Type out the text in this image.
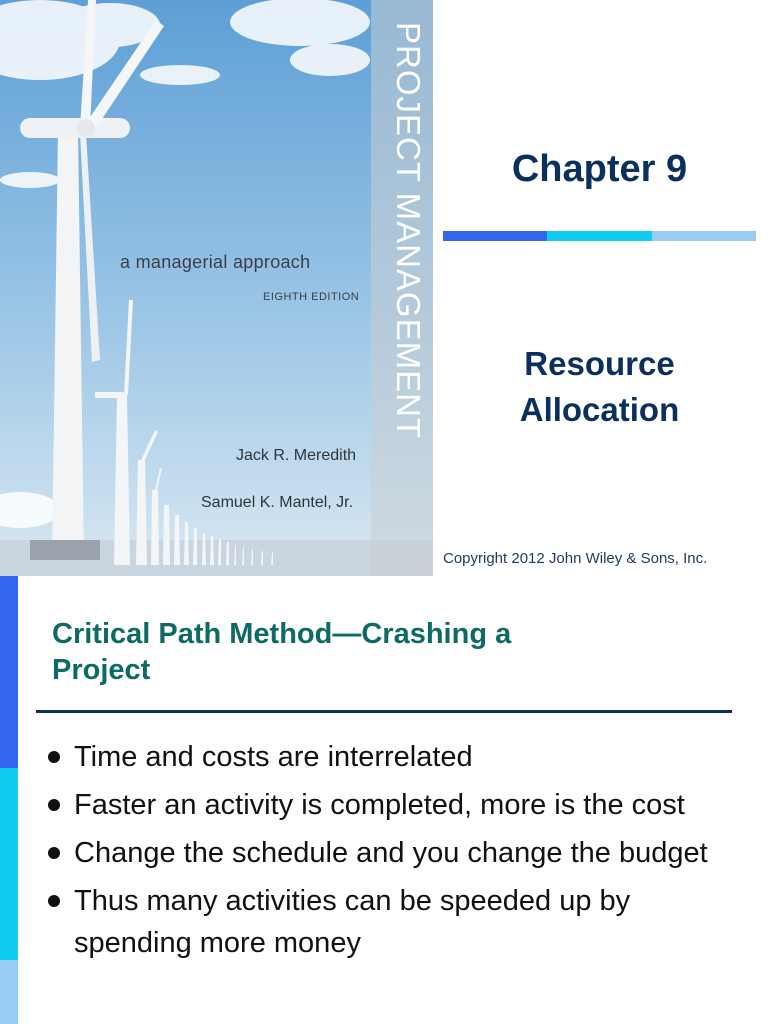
PROJECT MANAGEMENT
a managerial approach
EIGHTH EDITION
Jack R. Meredith
Samuel K. Mantel, Jr.
Chapter 9
Resource
Allocation
Copyright 2012 John Wiley & Sons, Inc.
Critical Path Method—Crashing a
Project
Time and costs are interrelated
Faster an activity is completed, more is the cost
Change the schedule and you change the budget
Thus many activities can be speeded up by spending more money
